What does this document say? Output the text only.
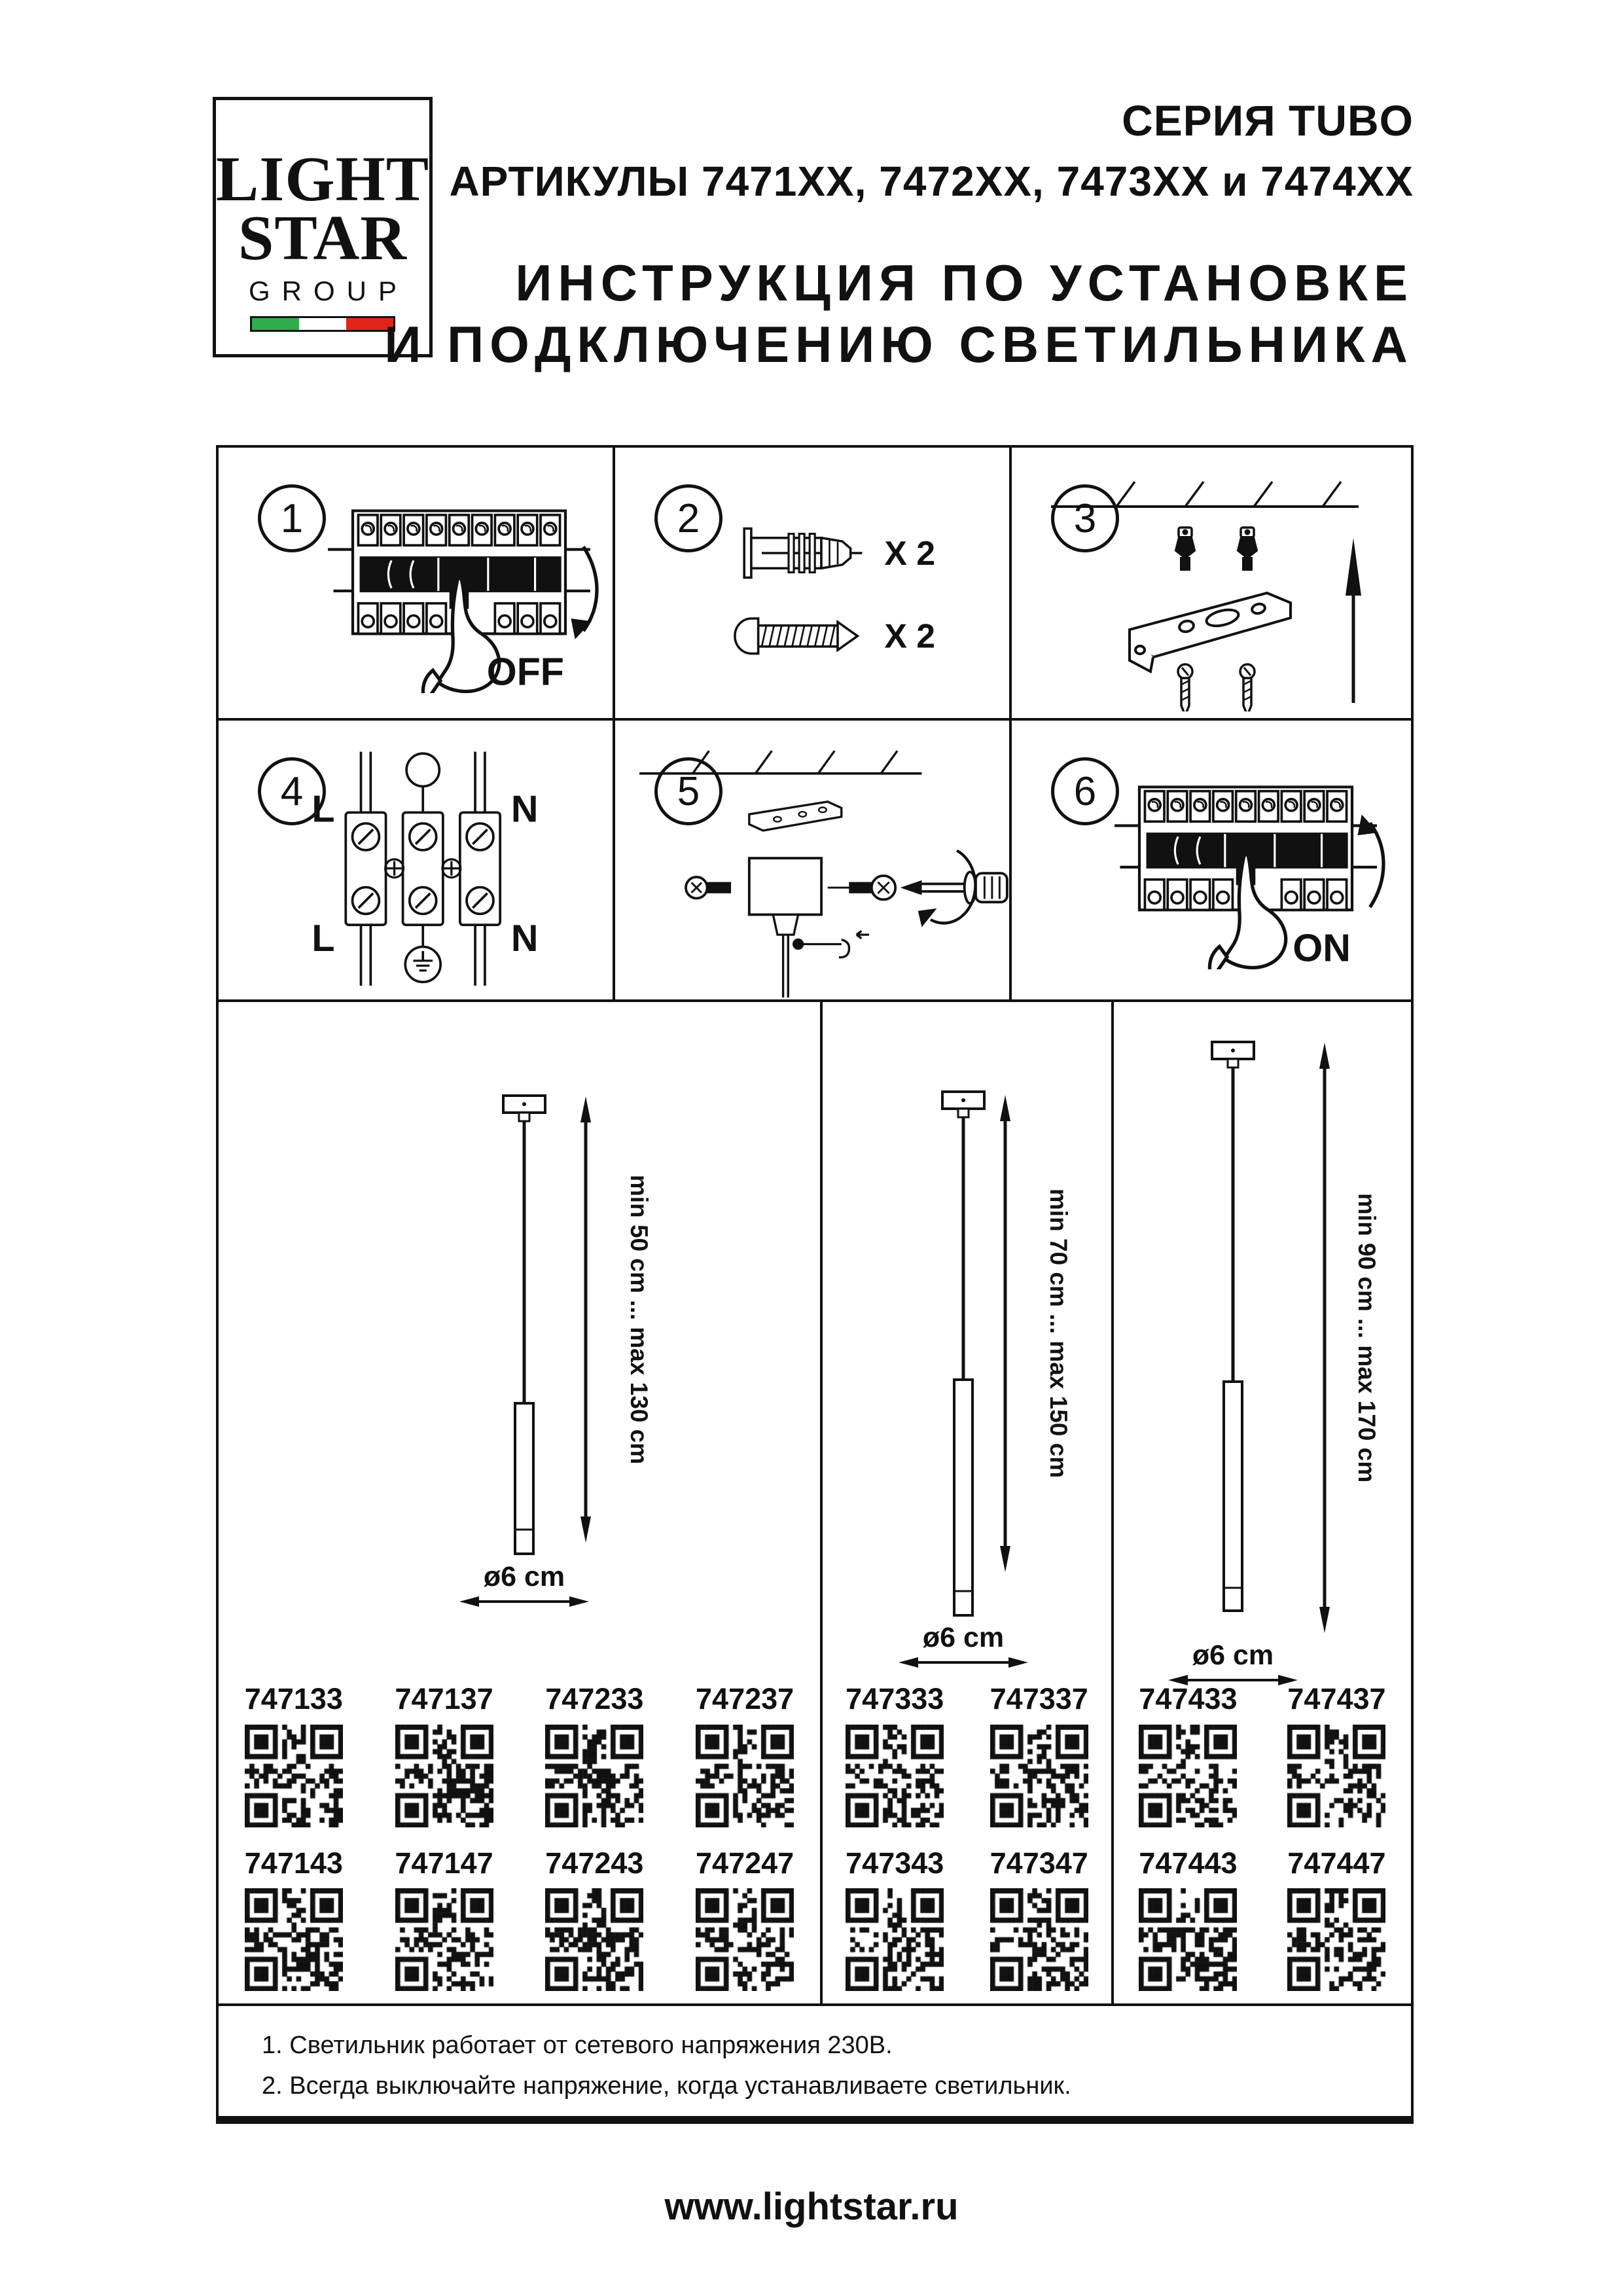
LIGHT
STAR
GROUP
СЕРИЯ TUBO
АРТИКУЛЫ 7471ХХ, 7472ХХ, 7473ХХ и 7474ХХ
ИНСТРУКЦИЯ ПО УСТАНОВКЕ
И ПОДКЛЮЧЕНИЮ СВЕТИЛЬНИКА
1
OFF
2
X 2
X 2
3
4 L	N
L	N
5	6
ON
min 50 cm ... max 130 cm
ø6 cm
747133 747137 747233 747237
747143 747147 747243 747247
min 70 cm ... max 150 cm
ø6 cm
747333 747337
747343 747347
min 90 cm ... max 170 cm
ø6 cm
747433 747437
747443 747447
1. Светильник работает от сетевого напряжения 230В.
2. Всегда выключайте напряжение, когда устанавливаете светильник.
www.lightstar.ru
